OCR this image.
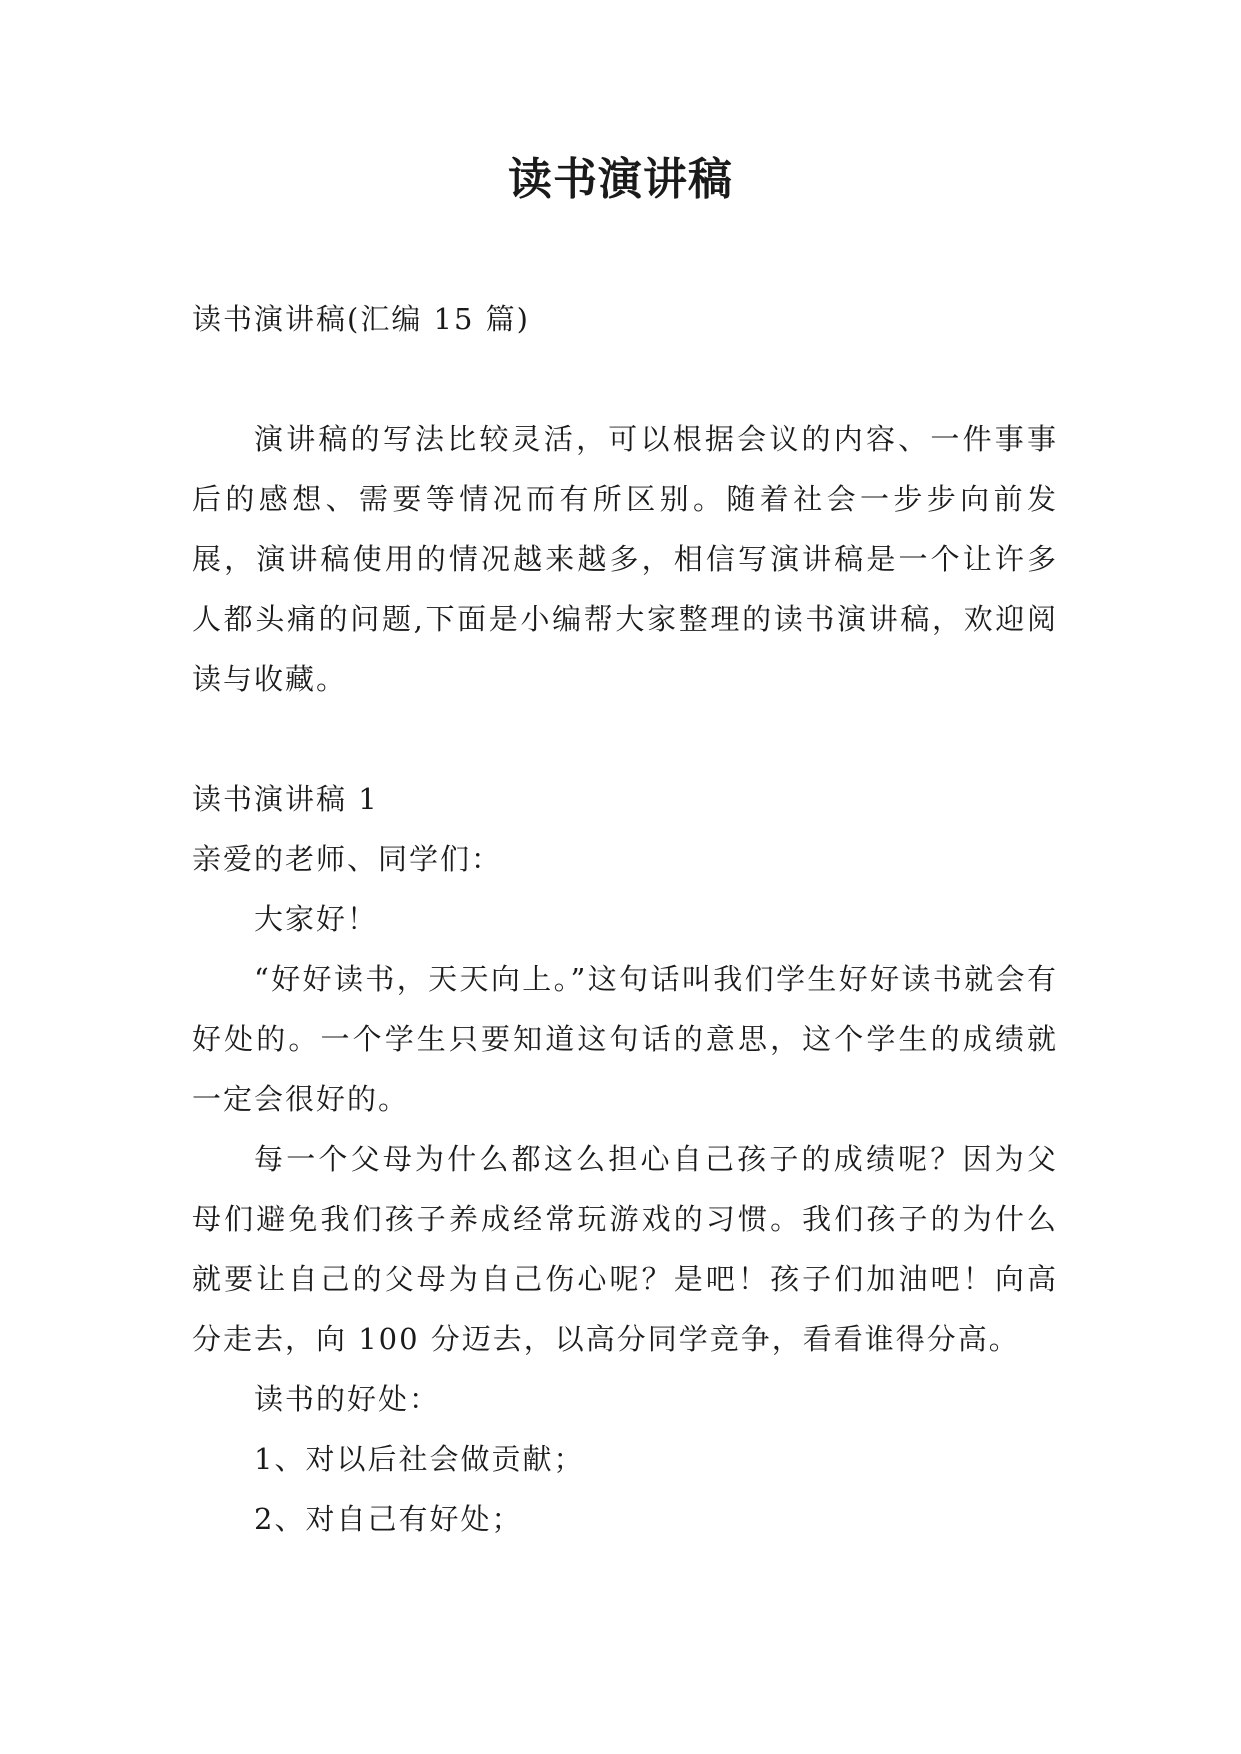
读书演讲稿

读书演讲稿(汇编 15 篇)

演讲稿的写法比较灵活，可以根据会议的内容、一件事事后的感想、需要等情况而有所区别。随着社会一步步向前发展，演讲稿使用的情况越来越多，相信写演讲稿是一个让许多人都头痛的问题,下面是小编帮大家整理的读书演讲稿，欢迎阅读与收藏。

读书演讲稿 1

亲爱的老师、同学们：

大家好！

“好好读书，天天向上。”这句话叫我们学生好好读书就会有好处的。一个学生只要知道这句话的意思，这个学生的成绩就一定会很好的。

每一个父母为什么都这么担心自己孩子的成绩呢？因为父母们避免我们孩子养成经常玩游戏的习惯。我们孩子的为什么就要让自己的父母为自己伤心呢？是吧！孩子们加油吧！向高分走去，向 100 分迈去，以高分同学竞争，看看谁得分高。

读书的好处：

1、对以后社会做贡献；

2、对自己有好处；
